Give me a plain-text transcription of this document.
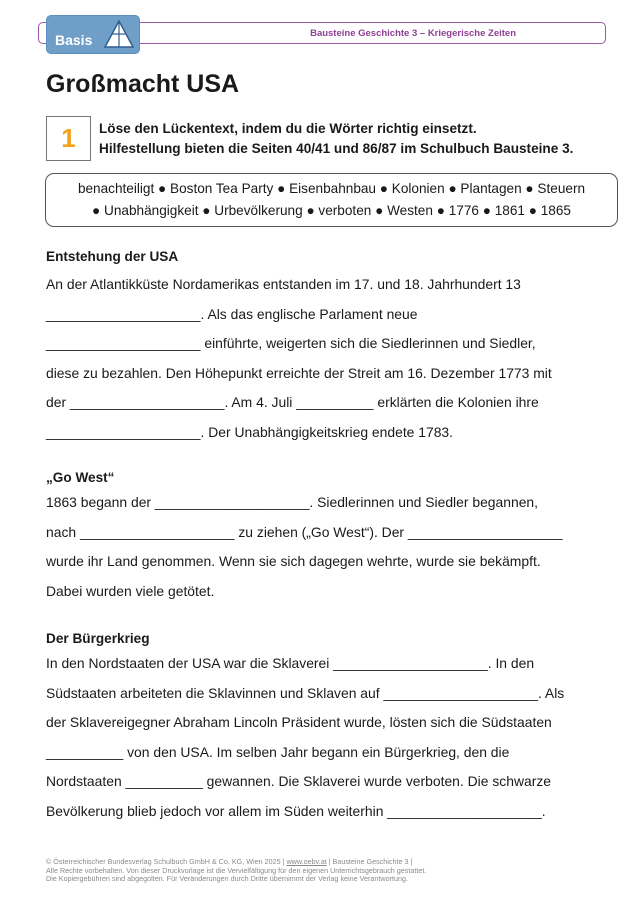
Bausteine Geschichte 3 – Kriegerische Zeiten
Basis
Großmacht USA
1 Löse den Lückentext, indem du die Wörter richtig einsetzt.
Hilfestellung bieten die Seiten 40/41 und 86/87 im Schulbuch Bausteine 3.
benachteiligt ● Boston Tea Party ● Eisenbahnbau ● Kolonien ● Plantagen ● Steuern
● Unabhängigkeit ● Urbevölkerung ● verboten ● Westen ● 1776 ● 1861 ● 1865
Entstehung der USA
An der Atlantikküste Nordamerikas entstanden im 17. und 18. Jahrhundert 13
____________________. Als das englische Parlament neue
____________________ einführte, weigerten sich die Siedlerinnen und Siedler,
diese zu bezahlen. Den Höhepunkt erreichte der Streit am 16. Dezember 1773 mit
der ____________________. Am 4. Juli __________ erklärten die Kolonien ihre
____________________. Der Unabhängigkeitskrieg endete 1783.
„Go West“
1863 begann der ____________________. Siedlerinnen und Siedler begannen,
nach ____________________ zu ziehen („Go West“). Der ____________________
wurde ihr Land genommen. Wenn sie sich dagegen wehrte, wurde sie bekämpft.
Dabei wurden viele getötet.
Der Bürgerkrieg
In den Nordstaaten der USA war die Sklaverei ____________________. In den
Südstaaten arbeiteten die Sklavinnen und Sklaven auf ____________________. Als
der Sklavereigegner Abraham Lincoln Präsident wurde, lösten sich die Südstaaten
__________ von den USA. Im selben Jahr begann ein Bürgerkrieg, den die
Nordstaaten __________ gewannen. Die Sklaverei wurde verboten. Die schwarze
Bevölkerung blieb jedoch vor allem im Süden weiterhin ____________________.
© Österreichischer Bundesverlag Schulbuch GmbH & Co. KG, Wien 2025 | www.oebv.at | Bausteine Geschichte 3 |
Alle Rechte vorbehalten. Von dieser Druckvorlage ist die Vervielfältigung für den eigenen Unterrichtsgebrauch gestattet.
Die Kopiergebühren sind abgegolten. Für Veränderungen durch Dritte übernimmt der Verlag keine Verantwortung.
